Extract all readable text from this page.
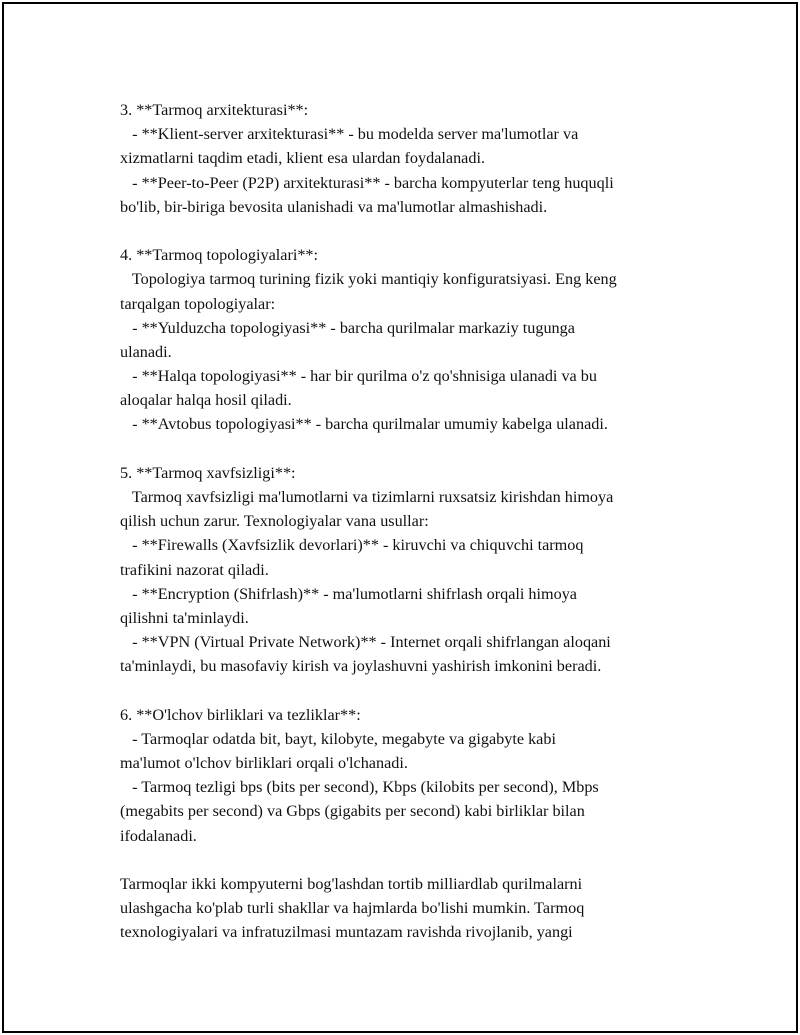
3. **Tarmoq arxitekturasi**:
- **Klient-server arxitekturasi** - bu modelda server ma'lumotlar va
xizmatlarni taqdim etadi, klient esa ulardan foydalanadi.
- **Peer-to-Peer (P2P) arxitekturasi** - barcha kompyuterlar teng huquqli
bo'lib, bir-biriga bevosita ulanishadi va ma'lumotlar almashishadi.
4. **Tarmoq topologiyalari**:
Topologiya tarmoq turining fizik yoki mantiqiy konfiguratsiyasi. Eng keng
tarqalgan topologiyalar:
- **Yulduzcha topologiyasi** - barcha qurilmalar markaziy tugunga
ulanadi.
- **Halqa topologiyasi** - har bir qurilma o'z qo'shnisiga ulanadi va bu
aloqalar halqa hosil qiladi.
- **Avtobus topologiyasi** - barcha qurilmalar umumiy kabelga ulanadi.
5. **Tarmoq xavfsizligi**:
Tarmoq xavfsizligi ma'lumotlarni va tizimlarni ruxsatsiz kirishdan himoya
qilish uchun zarur. Texnologiyalar vana usullar:
- **Firewalls (Xavfsizlik devorlari)** - kiruvchi va chiquvchi tarmoq
trafikini nazorat qiladi.
- **Encryption (Shifrlash)** - ma'lumotlarni shifrlash orqali himoya
qilishni ta'minlaydi.
- **VPN (Virtual Private Network)** - Internet orqali shifrlangan aloqani
ta'minlaydi, bu masofaviy kirish va joylashuvni yashirish imkonini beradi.
6. **O'lchov birliklari va tezliklar**:
- Tarmoqlar odatda bit, bayt, kilobyte, megabyte va gigabyte kabi
ma'lumot o'lchov birliklari orqali o'lchanadi.
- Tarmoq tezligi bps (bits per second), Kbps (kilobits per second), Mbps
(megabits per second) va Gbps (gigabits per second) kabi birliklar bilan
ifodalanadi.
Tarmoqlar ikki kompyuterni bog'lashdan tortib milliardlab qurilmalarni
ulashgacha ko'plab turli shakllar va hajmlarda bo'lishi mumkin. Tarmoq
texnologiyalari va infratuzilmasi muntazam ravishda rivojlanib, yangi
